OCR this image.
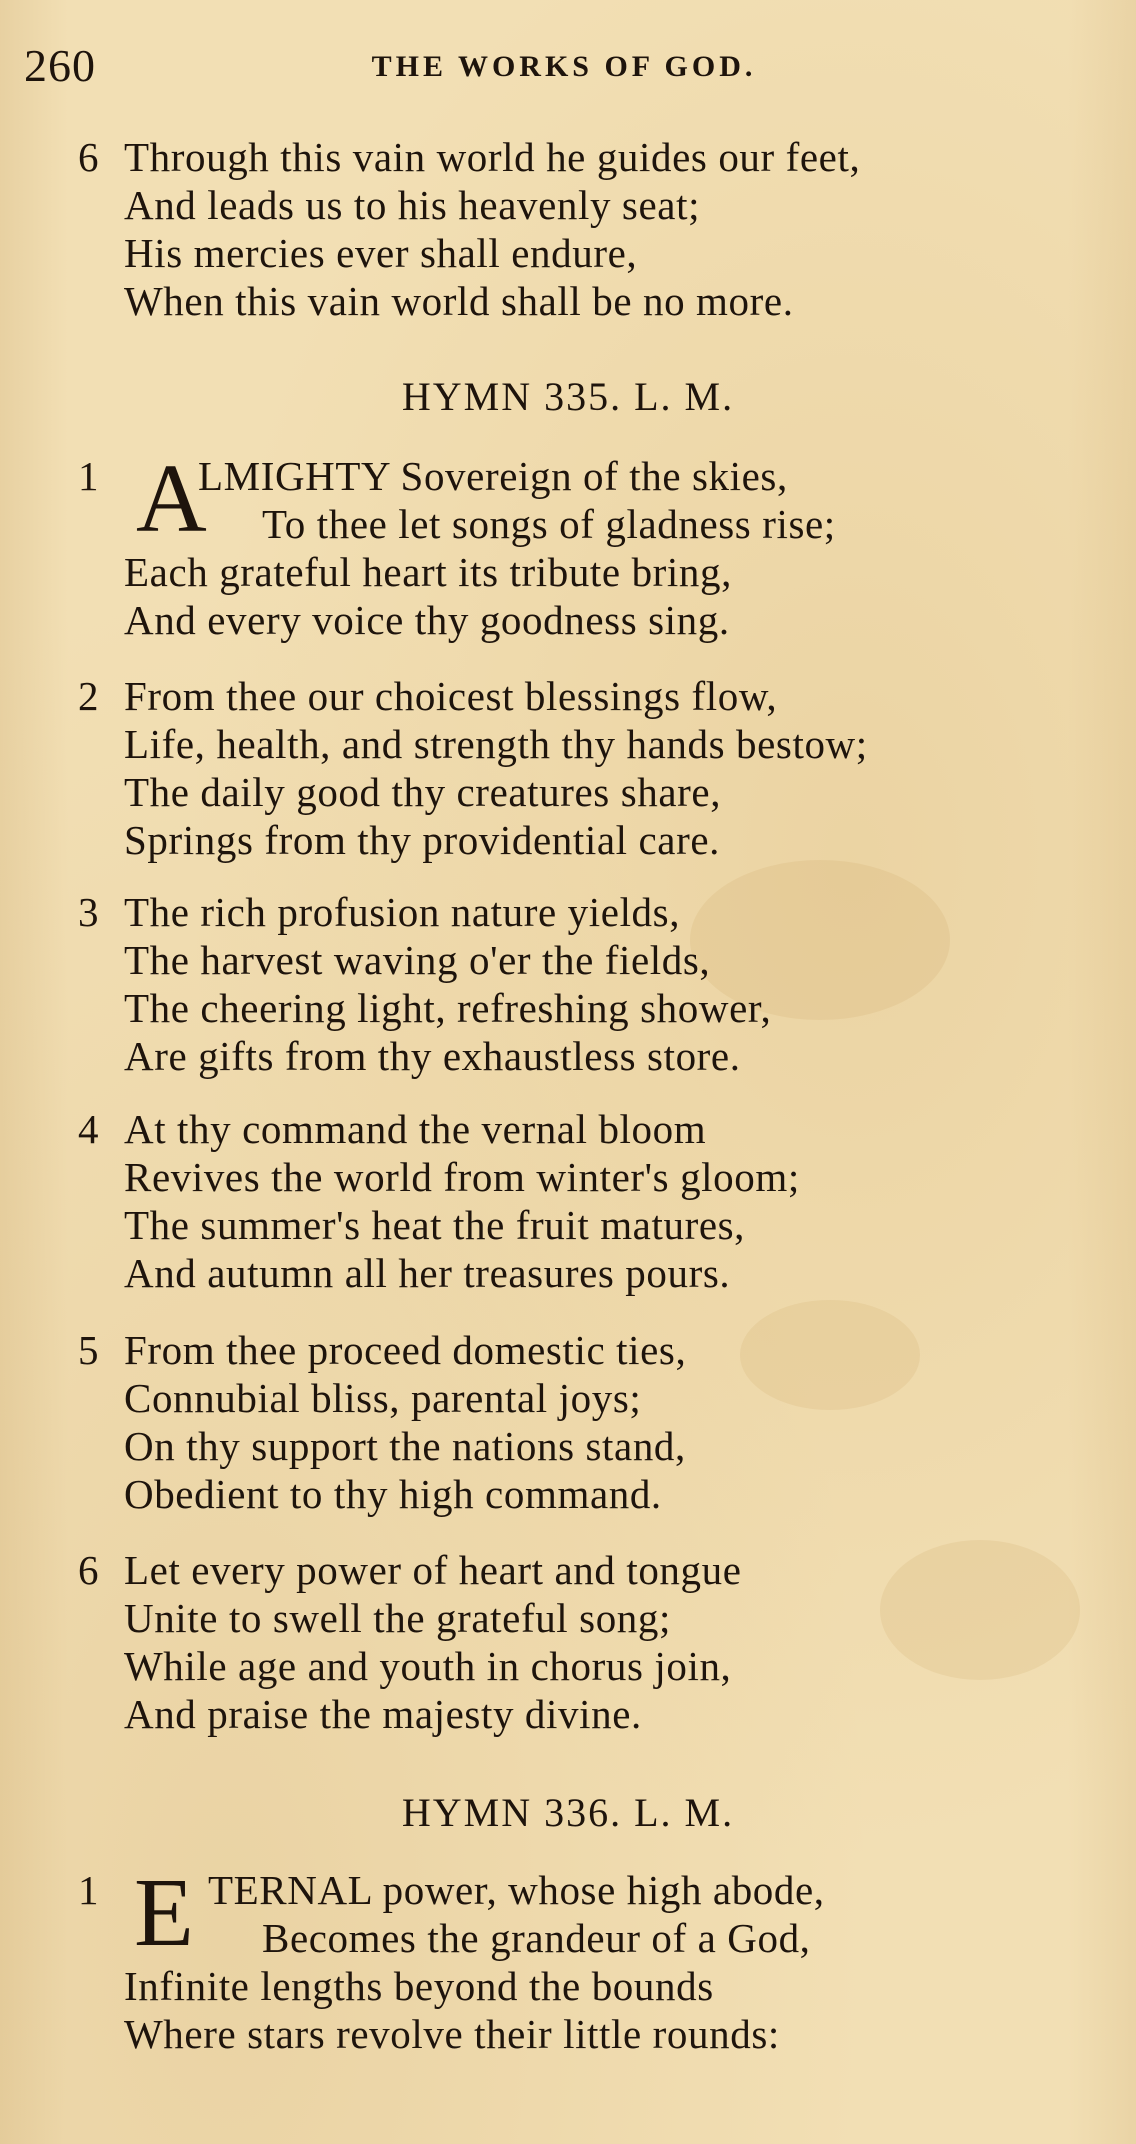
260	THE WORKS OF GOD.
6 Through this vain world he guides our feet,
And leads us to his heavenly seat;
His mercies ever shall endure,
When this vain world shall be no more.
HYMN 335. L. M.
1 A
LMIGHTY Sovereign of the skies,
To thee let songs of gladness rise;
Each grateful heart its tribute bring,
And every voice thy goodness sing.
2 From thee our choicest blessings flow,
Life, health, and strength thy hands bestow;
The daily good thy creatures share,
Springs from thy providential care.
3 The rich profusion nature yields,
The harvest waving o'er the fields,
The cheering light, refreshing shower,
Are gifts from thy exhaustless store.
4 At thy command the vernal bloom
Revives the world from winter's gloom;
The summer's heat the fruit matures,
And autumn all her treasures pours.
5 From thee proceed domestic ties,
Connubial bliss, parental joys;
On thy support the nations stand,
Obedient to thy high command.
6 Let every power of heart and tongue
Unite to swell the grateful song;
While age and youth in chorus join,
And praise the majesty divine.
HYMN 336. L. M.
1 E TERNAL power, whose high abode,
Becomes the grandeur of a God,
Infinite lengths beyond the bounds
Where stars revolve their little rounds:
